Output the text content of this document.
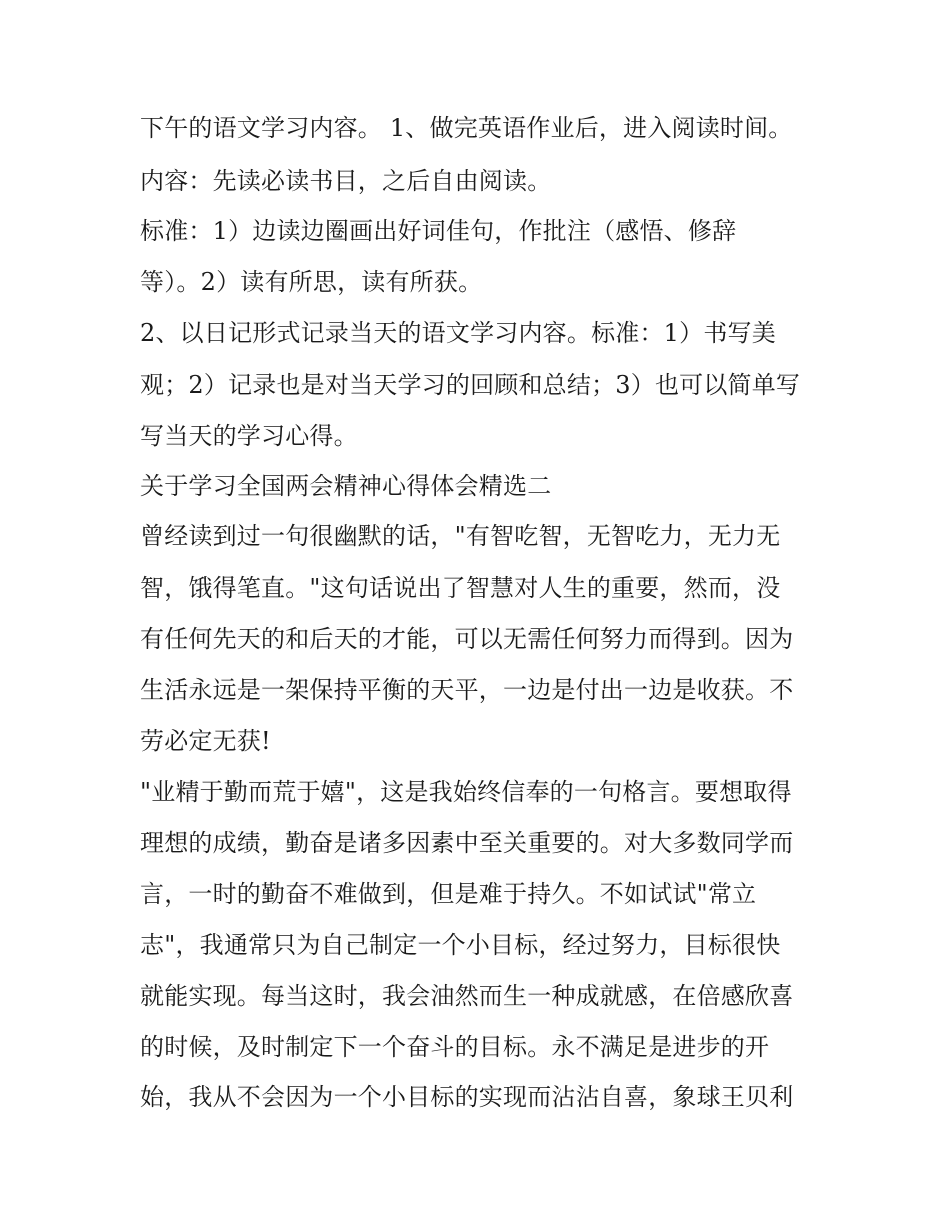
下午的语文学习内容。 1、做完英语作业后，进入阅读时间。
内容：先读必读书目，之后自由阅读。
标准：1）边读边圈画出好词佳句，作批注（感悟、修辞
等）。2）读有所思，读有所获。
2、以日记形式记录当天的语文学习内容。标准：1）书写美
观；2）记录也是对当天学习的回顾和总结；3）也可以简单写
写当天的学习心得。
关于学习全国两会精神心得体会精选二
曾经读到过一句很幽默的话，"有智吃智，无智吃力，无力无
智，饿得笔直。"这句话说出了智慧对人生的重要，然而，没
有任何先天的和后天的才能，可以无需任何努力而得到。因为
生活永远是一架保持平衡的天平，一边是付出一边是收获。不
劳必定无获!
"业精于勤而荒于嬉"，这是我始终信奉的一句格言。要想取得
理想的成绩，勤奋是诸多因素中至关重要的。对大多数同学而
言，一时的勤奋不难做到，但是难于持久。不如试试"常立
志"，我通常只为自己制定一个小目标，经过努力，目标很快
就能实现。每当这时，我会油然而生一种成就感，在倍感欣喜
的时候，及时制定下一个奋斗的目标。永不满足是进步的开
始，我从不会因为一个小目标的实现而沾沾自喜，象球王贝利
